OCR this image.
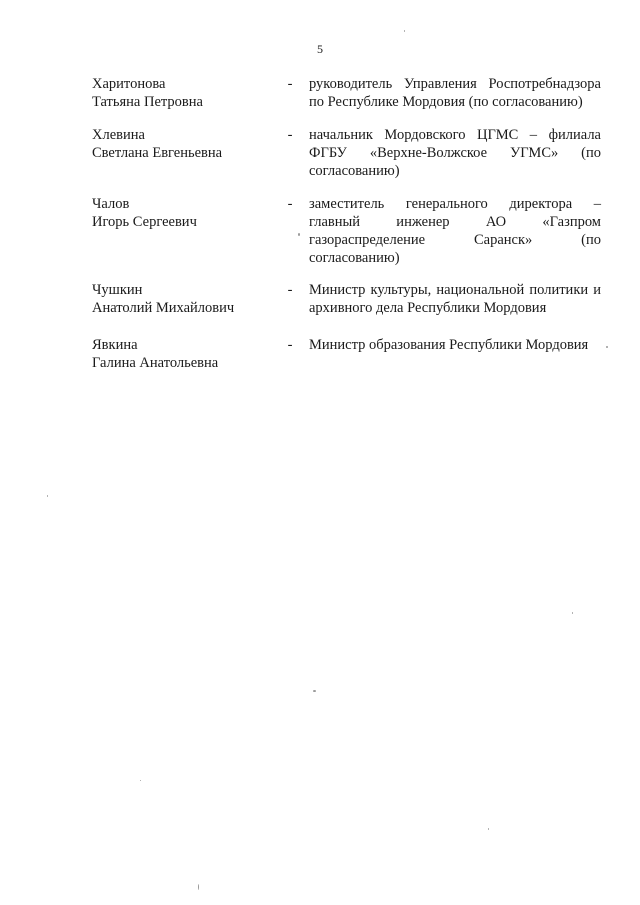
5
Харитонова
Татьяна Петровна
- руководитель Управления Роспотребнадзора по Республике Мордовия (по согласованию)
Хлевина
Светлана Евгеньевна
- начальник Мордовского ЦГМС – филиала ФГБУ «Верхне-Волжское УГМС» (по согласованию)
Чалов
Игорь Сергеевич
- заместитель генерального директора – главный инженер АО «Газпром газораспределение Саранск» (по согласованию)
Чушкин
Анатолий Михайлович
- Министр культуры, национальной политики и архивного дела Республики Мордовия
Явкина
Галина Анатольевна
- Министр образования Республики Мордовия
